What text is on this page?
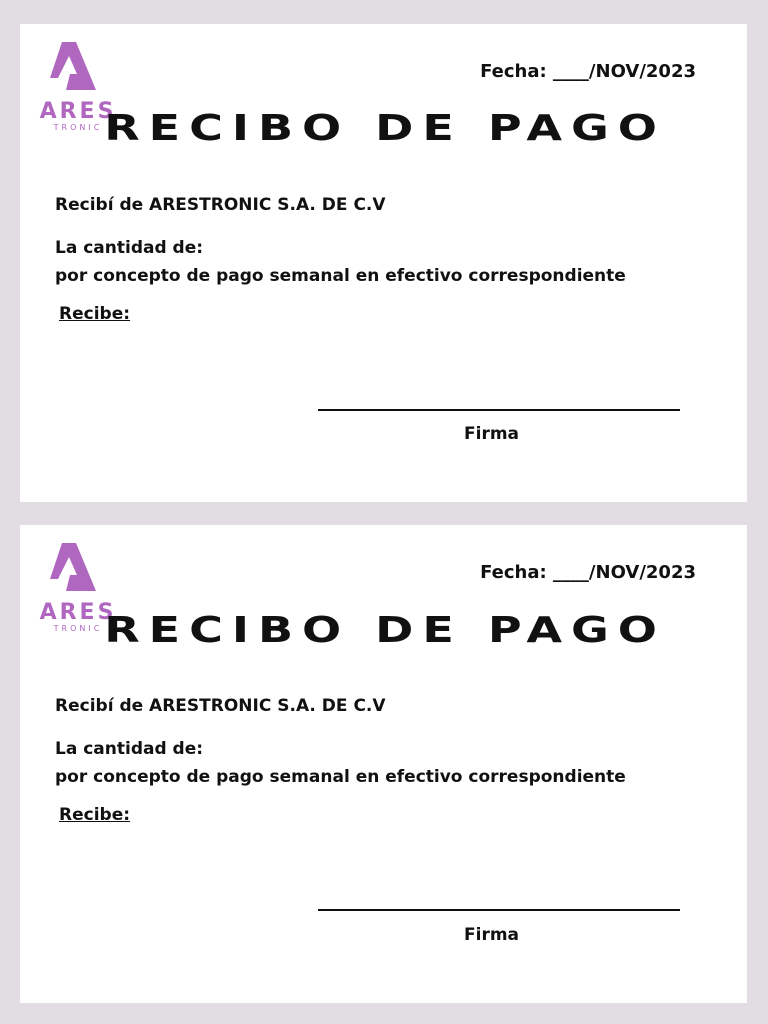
ARES
TRONIC
Fecha: ____/NOV/2023
RECIBO DE PAGO
Recibí de ARESTRONIC S.A. DE C.V
La cantidad de:
por concepto de pago semanal en efectivo correspondiente
Recibe:
Firma
ARES
TRONIC
Fecha: ____/NOV/2023
RECIBO DE PAGO
Recibí de ARESTRONIC S.A. DE C.V
La cantidad de:
por concepto de pago semanal en efectivo correspondiente
Recibe:
Firma
